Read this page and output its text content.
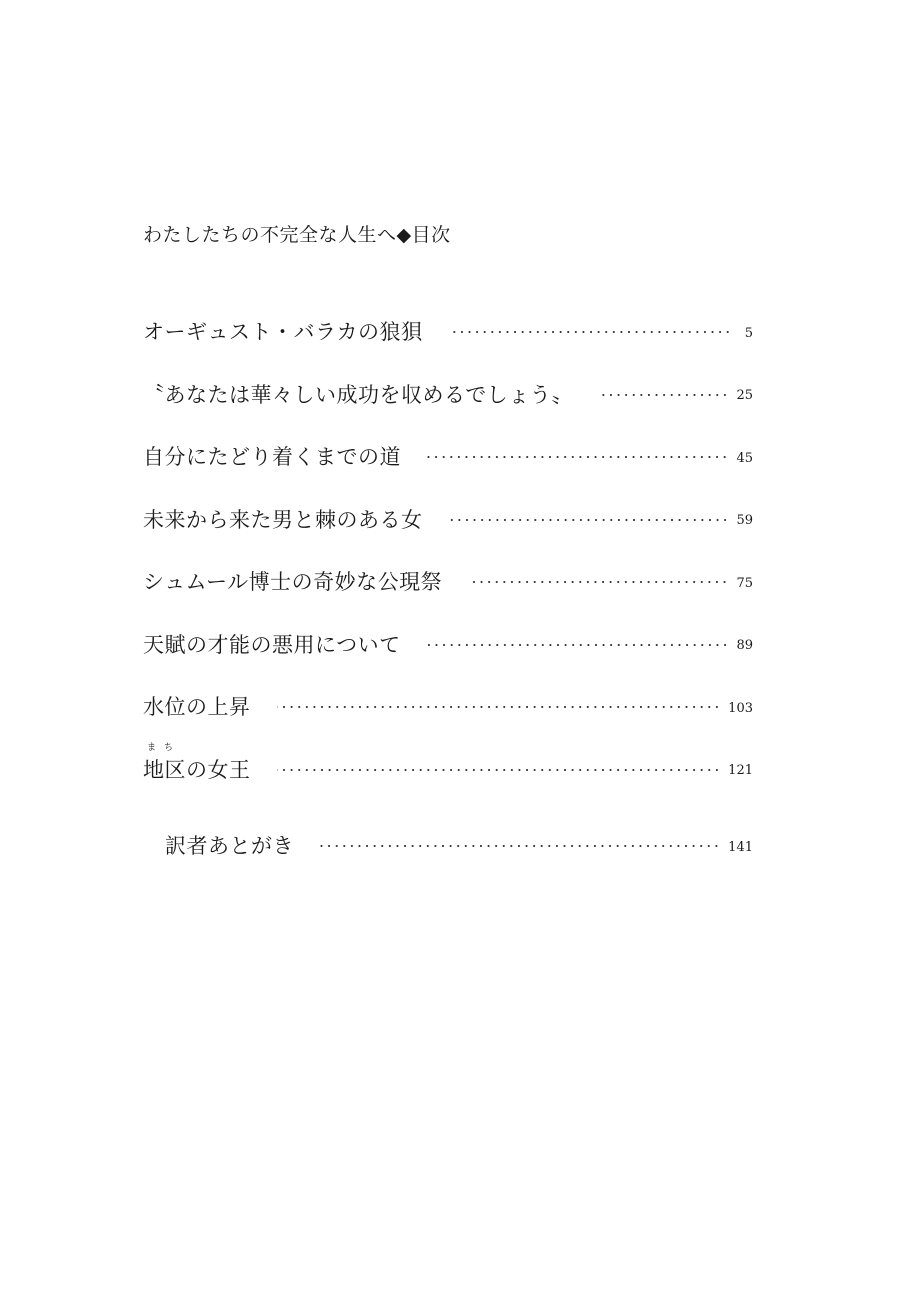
わたしたちの不完全な人生へ◆目次
オーギュスト・バラカの狼狽	5
〝あなたは華々しい成功を収めるでしょう〟	25
自分にたどり着くまでの道	45
未来から来た男と棘のある女	59
シュムール博士の奇妙な公現祭	75
天賦の才能の悪用について	89
水位の上昇	103
まち
地区の女王	121
訳者あとがき	141
